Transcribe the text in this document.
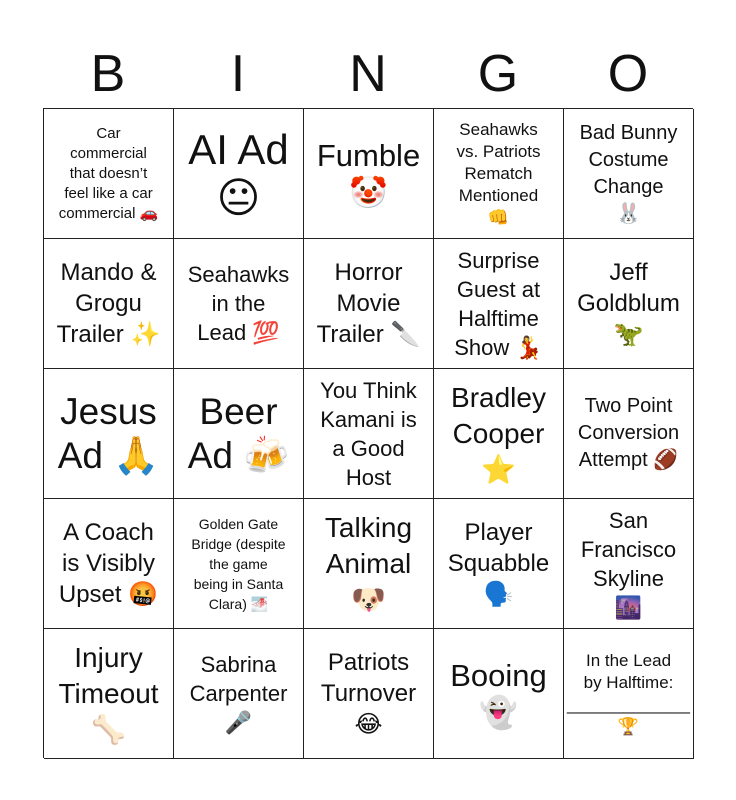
B	I	N	G	O
Car
commercial
that doesn’t
feel like a car
commercial 🚗
AI Ad
😐
Fumble
🤡
Seahawks
vs. Patriots
Rematch
Mentioned
👊
Bad Bunny
Costume
Change
🐰
Mando &
Grogu
Trailer ✨
Seahawks
in the
Lead 💯
Horror
Movie
Trailer 🔪
Surprise
Guest at
Halftime
Show 💃
Jeff
Goldblum
🦖
Jesus
Ad 🙏
Beer
Ad 🍻
You Think
Kamani is
a Good
Host
Bradley
Cooper
⭐
Two Point
Conversion
Attempt 🏈
A Coach
is Visibly
Upset 🤬
Golden Gate
Bridge (despite
the game
being in Santa
Clara) 🌁
Talking
Animal
🐶
Player
Squabble
🗣️
San
Francisco
Skyline
🌆
Injury
Timeout
🦴
Sabrina
Carpenter
🎤
Patriots
Turnover
😂
Booing
👻
In the Lead
by Halftime:
_____________
🏆
